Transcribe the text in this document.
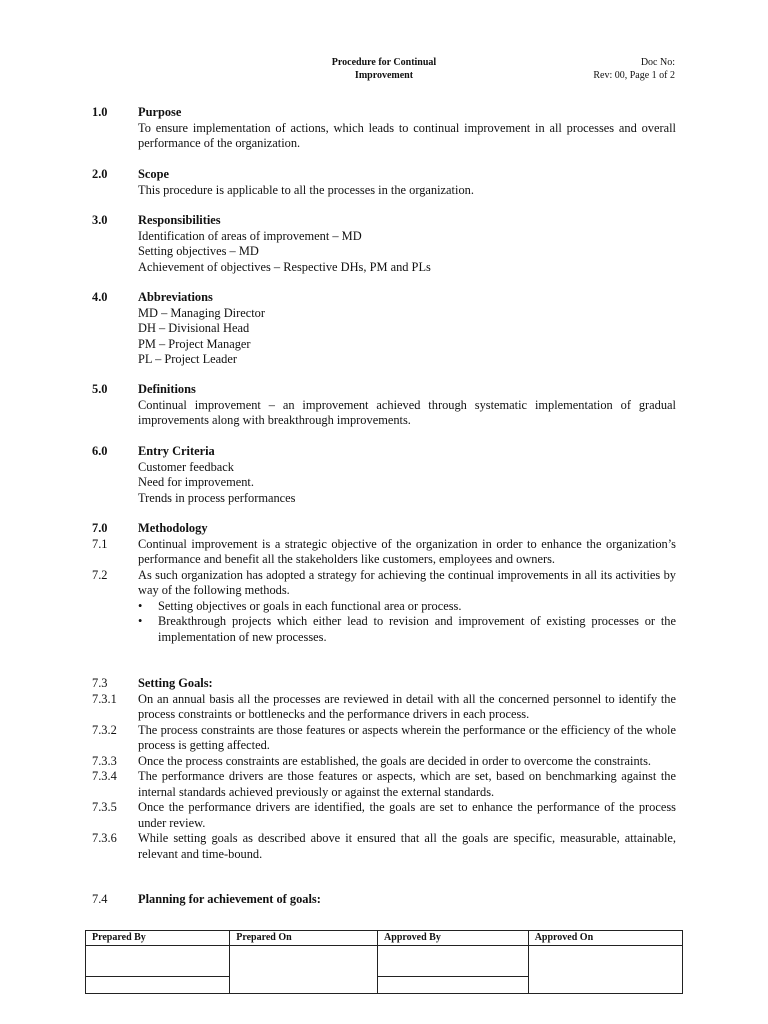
Procedure for Continual
Improvement
Doc No:
Rev: 00, Page 1 of 2
1.0	Purpose
To ensure implementation of actions, which leads to continual improvement in all processes and overall performance of the organization.
2.0	Scope
This procedure is applicable to all the processes in the organization.
3.0	Responsibilities
Identification of areas of improvement – MD
Setting objectives – MD
Achievement of objectives – Respective DHs, PM and PLs
4.0	Abbreviations
MD – Managing Director
DH – Divisional Head
PM – Project Manager
PL – Project Leader
5.0	Definitions
Continual improvement – an improvement achieved through systematic implementation of gradual improvements along with breakthrough improvements.
6.0	Entry Criteria
Customer feedback
Need for improvement.
Trends in process performances
7.0	Methodology
7.1	Continual improvement is a strategic objective of the organization in order to enhance the organization’s performance and benefit all the stakeholders like customers, employees and owners.
7.2	As such organization has adopted a strategy for achieving the continual improvements in all its activities by way of the following methods.
• Setting objectives or goals in each functional area or process.
• Breakthrough projects which either lead to revision and improvement of existing processes or the implementation of new processes.
7.3	Setting Goals:
7.3.1	On an annual basis all the processes are reviewed in detail with all the concerned personnel to identify the process constraints or bottlenecks and the performance drivers in each process.
7.3.2	The process constraints are those features or aspects wherein the performance or the efficiency of the whole process is getting affected.
7.3.3	Once the process constraints are established, the goals are decided in order to overcome the constraints.
7.3.4	The performance drivers are those features or aspects, which are set, based on benchmarking against the internal standards achieved previously or against the external standards.
7.3.5	Once the performance drivers are identified, the goals are set to enhance the performance of the process under review.
7.3.6	While setting goals as described above it ensured that all the goals are specific, measurable, attainable, relevant and time-bound.
7.4	Planning for achievement of goals:
Prepared By	Prepared On	Approved By	Approved On
